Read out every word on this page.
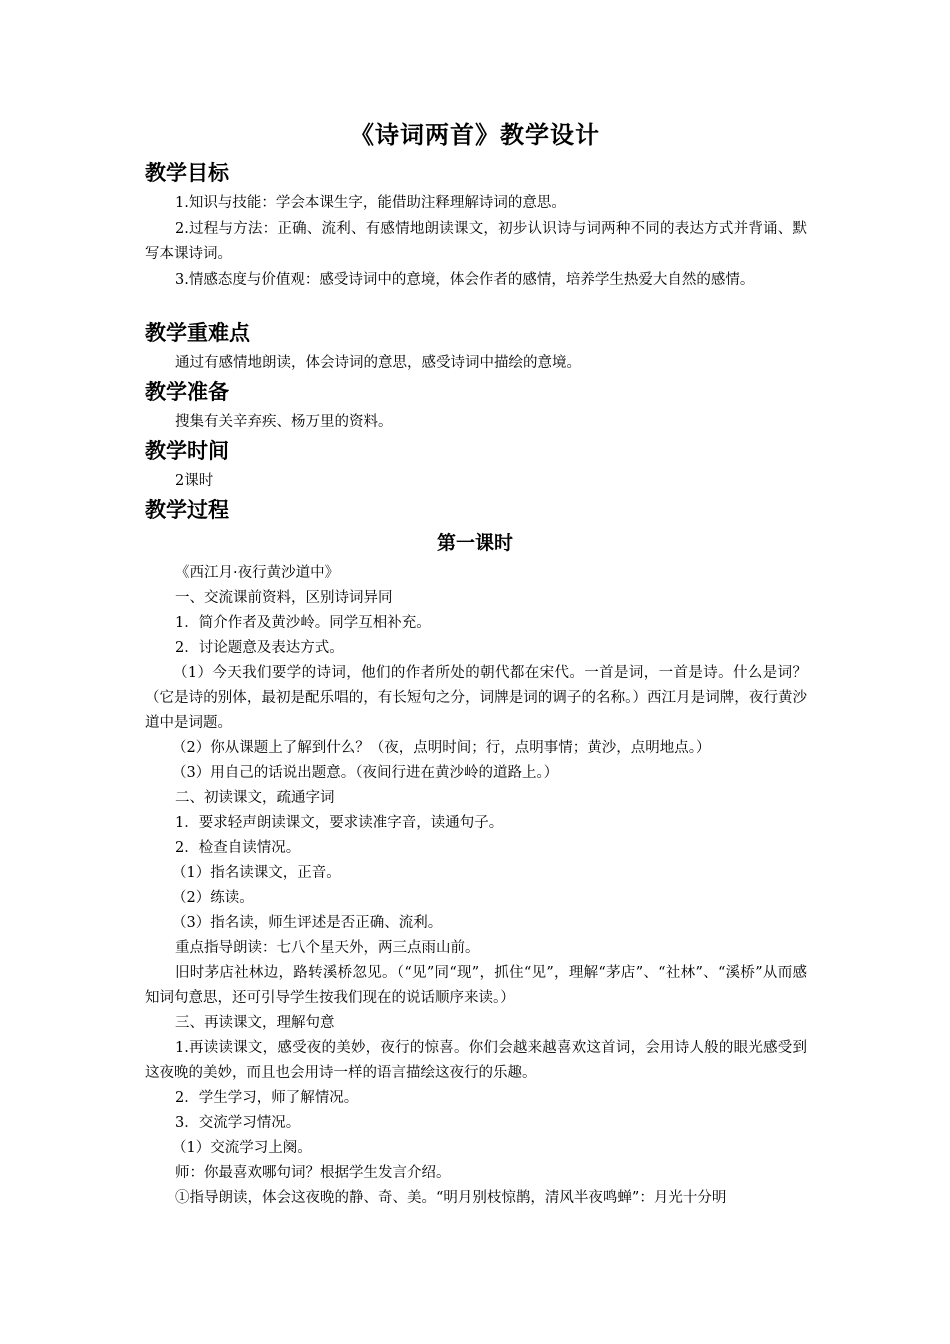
《诗词两首》教学设计
教学目标

1.知识与技能：学会本课生字，能借助注释理解诗词的意思。

2.过程与方法：正确、流利、有感情地朗读课文，初步认识诗与词两种不同的表达方式并背诵、默写本课诗词。

3.情感态度与价值观：感受诗词中的意境，体会作者的感情，培养学生热爱大自然的感情。

教学重难点
通过有感情地朗读，体会诗词的意思，感受诗词中描绘的意境。
教学准备
搜集有关辛弃疾、杨万里的资料。
教学时间
2课时
教学过程
第一课时
《西江月·夜行黄沙道中》
一、交流课前资料，区别诗词异同
1．简介作者及黄沙岭。同学互相补充。
2．讨论题意及表达方式。

（1）今天我们要学的诗词，他们的作者所处的朝代都在宋代。一首是词，一首是诗。什么是词？（它是诗的别体，最初是配乐唱的，有长短句之分，词牌是词的调子的名称。）西江月是词牌，夜行黄沙道中是词题。

（2）你从课题上了解到什么？（夜，点明时间；行，点明事情；黄沙，点明地点。）
（3）用自己的话说出题意。（夜间行进在黄沙岭的道路上。）
二、初读课文，疏通字词
1．要求轻声朗读课文，要求读准字音，读通句子。
2．检查自读情况。
（1）指名读课文，正音。
（2）练读。
（3）指名读，师生评述是否正确、流利。
重点指导朗读：七八个星天外，两三点雨山前。

旧时茅店社林边，路转溪桥忽见。（“见”同“现”，抓住“见”，理解“茅店”、“社林”、“溪桥”从而感知词句意思，还可引导学生按我们现在的说话顺序来读。）

三、再读课文，理解句意

1.再读读课文，感受夜的美妙，夜行的惊喜。你们会越来越喜欢这首词，会用诗人般的眼光感受到这夜晚的美妙，而且也会用诗一样的语言描绘这夜行的乐趣。

2．学生学习，师了解情况。
3．交流学习情况。
（1）交流学习上阕。
师：你最喜欢哪句词？根据学生发言介绍。
①指导朗读，体会这夜晚的静、奇、美。“明月别枝惊鹊，清风半夜鸣蝉”：月光十分明
